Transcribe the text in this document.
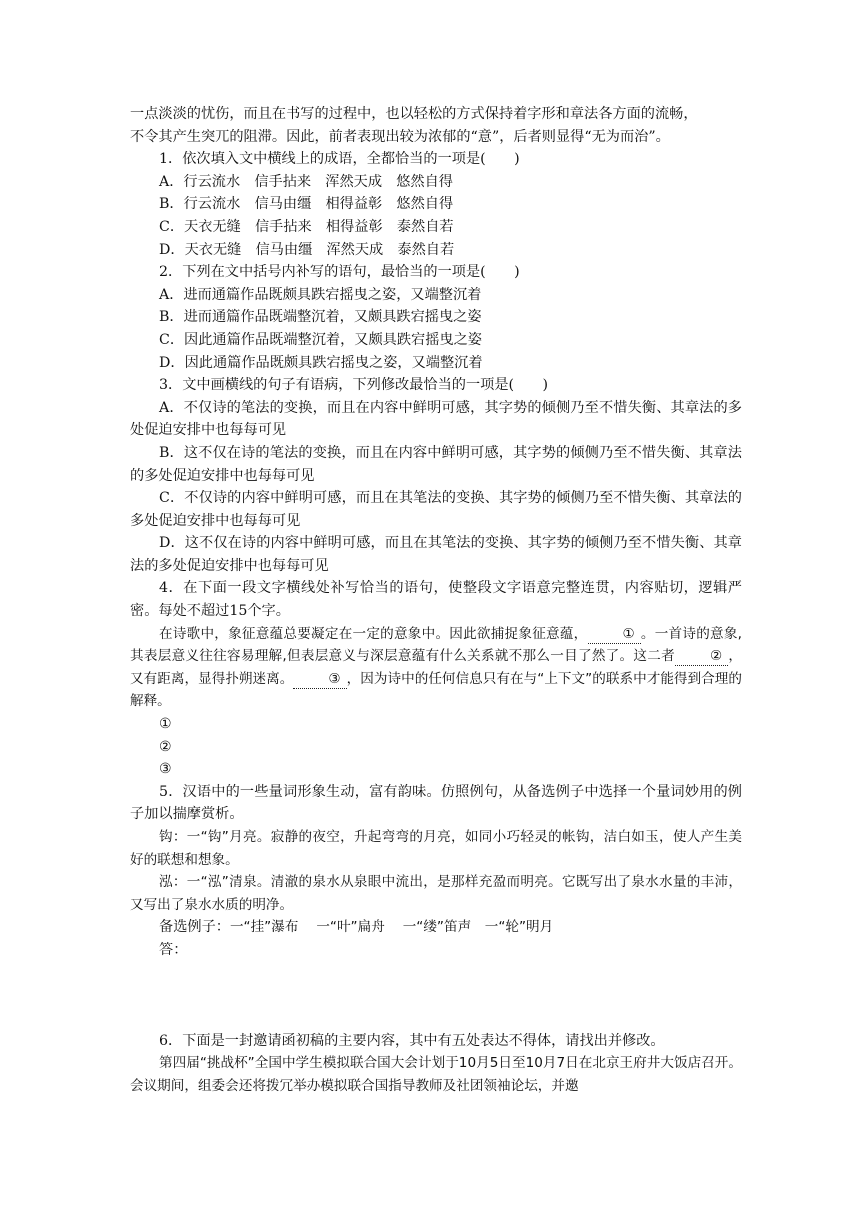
一点淡淡的忧伤，而且在书写的过程中，也以轻松的方式保持着字形和章法各方面的流畅，

不令其产生突兀的阻滞。因此，前者表现出较为浓郁的“意”，后者则显得“无为而治”。

1．依次填入文中横线上的成语，全都恰当的一项是(　　)

A．行云流水　信手拈来　浑然天成　悠然自得

B．行云流水　信马由缰　相得益彰　悠然自得

C．天衣无缝　信手拈来　相得益彰　泰然自若

D．天衣无缝　信马由缰　浑然天成　泰然自若

2．下列在文中括号内补写的语句，最恰当的一项是(　　)

A．进而通篇作品既颇具跌宕摇曳之姿，又端整沉着

B．进而通篇作品既端整沉着，又颇具跌宕摇曳之姿

C．因此通篇作品既端整沉着，又颇具跌宕摇曳之姿

D．因此通篇作品既颇具跌宕摇曳之姿，又端整沉着

3．文中画横线的句子有语病，下列修改最恰当的一项是(　　)

A．不仅诗的笔法的变换，而且在内容中鲜明可感，其字势的倾侧乃至不惜失衡、其章法的多处促迫安排中也每每可见

B．这不仅在诗的笔法的变换，而且在内容中鲜明可感，其字势的倾侧乃至不惜失衡、其章法的多处促迫安排中也每每可见

C．不仅诗的内容中鲜明可感，而且在其笔法的变换、其字势的倾侧乃至不惜失衡、其章法的多处促迫安排中也每每可见

D．这不仅在诗的内容中鲜明可感，而且在其笔法的变换、其字势的倾侧乃至不惜失衡、其章法的多处促迫安排中也每每可见

4．在下面一段文字横线处补写恰当的语句，使整段文字语意完整连贯，内容贴切，逻辑严密。每处不超过15个字。

在诗歌中，象征意蕴总要凝定在一定的意象中。因此欲捕捉象征意蕴，	① 。一首诗的意象,其表层意义往往容易理解,但表层意义与深层意蕴有什么关系就不那么一目了然了。这二者	② ，又有距离，显得扑朔迷离。	③ ，因为诗中的任何信息只有在与“上下文”的联系中才能得到合理的解释。

①

②

③

5．汉语中的一些量词形象生动，富有韵味。仿照例句，从备选例子中选择一个量词妙用的例子加以揣摩赏析。

钩：一“钩”月亮。寂静的夜空，升起弯弯的月亮，如同小巧轻灵的帐钩，洁白如玉，使人产生美好的联想和想象。

泓：一“泓”清泉。清澈的泉水从泉眼中流出，是那样充盈而明亮。它既写出了泉水水量的丰沛，又写出了泉水水质的明净。

备选例子：一“挂”瀑布　 一“叶”扁舟　 一“缕”笛声　一“轮”明月

答：

6．下面是一封邀请函初稿的主要内容，其中有五处表达不得体，请找出并修改。

第四届“挑战杯”全国中学生模拟联合国大会计划于10月5日至10月7日在北京王府井大饭店召开。会议期间，组委会还将拨冗举办模拟联合国指导教师及社团领袖论坛，并邀
